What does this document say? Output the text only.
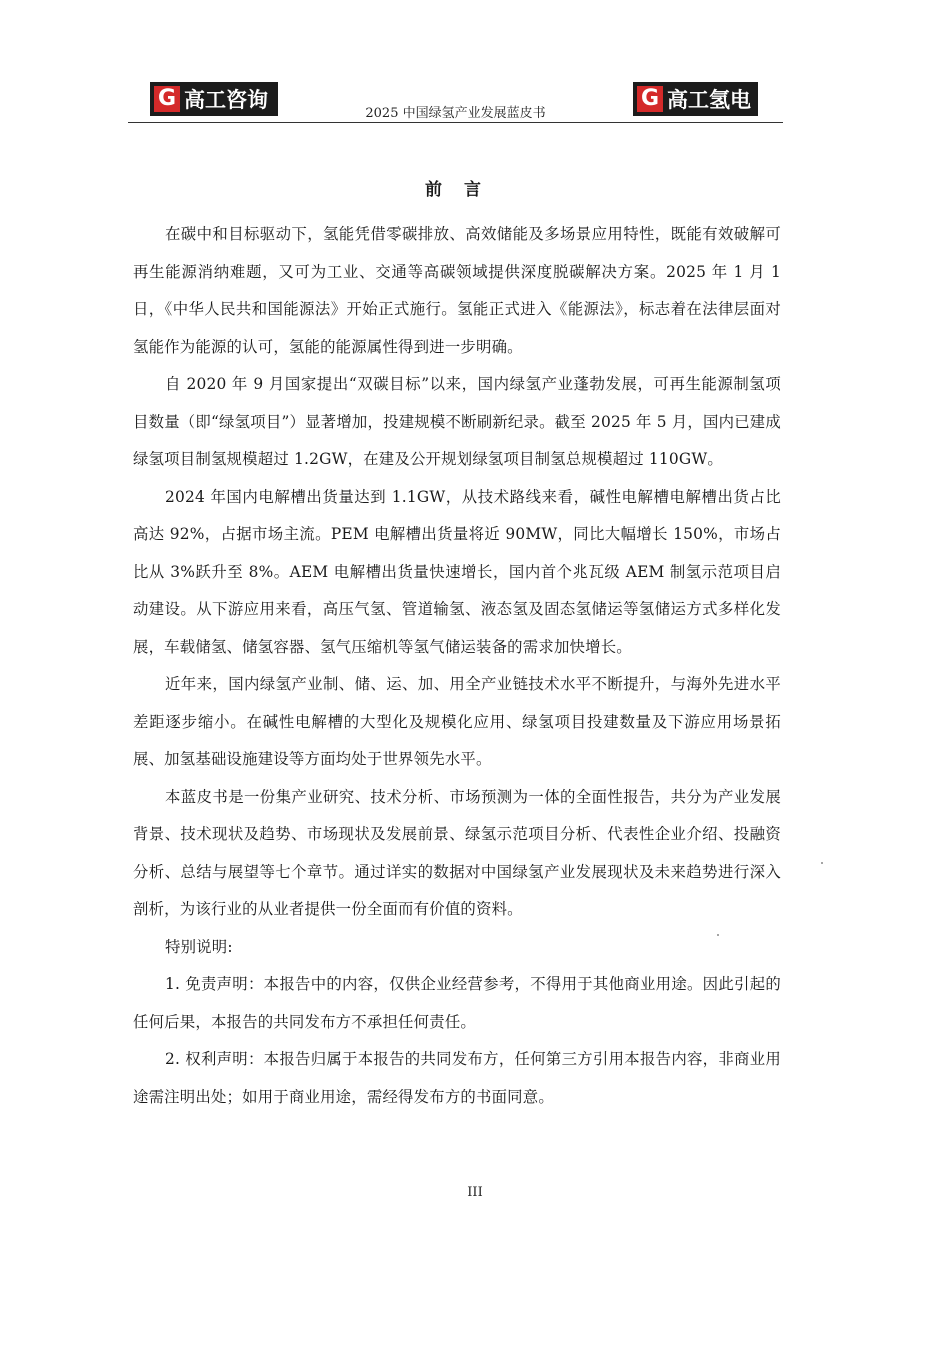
G 高工咨询
2025 中国绿氢产业发展蓝皮书
G 高工氢电
前 言

在碳中和目标驱动下，氢能凭借零碳排放、高效储能及多场景应用特性，既能有效破解可再生能源消纳难题，又可为工业、交通等高碳领域提供深度脱碳解决方案。2025 年 1 月 1 日，《中华人民共和国能源法》开始正式施行。氢能正式进入《能源法》，标志着在法律层面对氢能作为能源的认可，氢能的能源属性得到进一步明确。

自 2020 年 9 月国家提出“双碳目标”以来，国内绿氢产业蓬勃发展，可再生能源制氢项目数量（即“绿氢项目”）显著增加，投建规模不断刷新纪录。截至 2025 年 5 月，国内已建成绿氢项目制氢规模超过 1.2GW，在建及公开规划绿氢项目制氢总规模超过 110GW。

2024 年国内电解槽出货量达到 1.1GW，从技术路线来看，碱性电解槽电解槽出货占比高达 92%，占据市场主流。PEM 电解槽出货量将近 90MW，同比大幅增长 150%，市场占比从 3%跃升至 8%。AEM 电解槽出货量快速增长，国内首个兆瓦级 AEM 制氢示范项目启动建设。从下游应用来看，高压气氢、管道输氢、液态氢及固态氢储运等氢储运方式多样化发展，车载储氢、储氢容器、氢气压缩机等氢气储运装备的需求加快增长。

近年来，国内绿氢产业制、储、运、加、用全产业链技术水平不断提升，与海外先进水平差距逐步缩小。在碱性电解槽的大型化及规模化应用、绿氢项目投建数量及下游应用场景拓展、加氢基础设施建设等方面均处于世界领先水平。

本蓝皮书是一份集产业研究、技术分析、市场预测为一体的全面性报告，共分为产业发展背景、技术现状及趋势、市场现状及发展前景、绿氢示范项目分析、代表性企业介绍、投融资分析、总结与展望等七个章节。通过详实的数据对中国绿氢产业发展现状及未来趋势进行深入剖析，为该行业的从业者提供一份全面而有价值的资料。

特别说明:

1. 免责声明：本报告中的内容，仅供企业经营参考，不得用于其他商业用途。因此引起的任何后果，本报告的共同发布方不承担任何责任。

2. 权利声明：本报告归属于本报告的共同发布方，任何第三方引用本报告内容，非商业用途需注明出处；如用于商业用途，需经得发布方的书面同意。

III
